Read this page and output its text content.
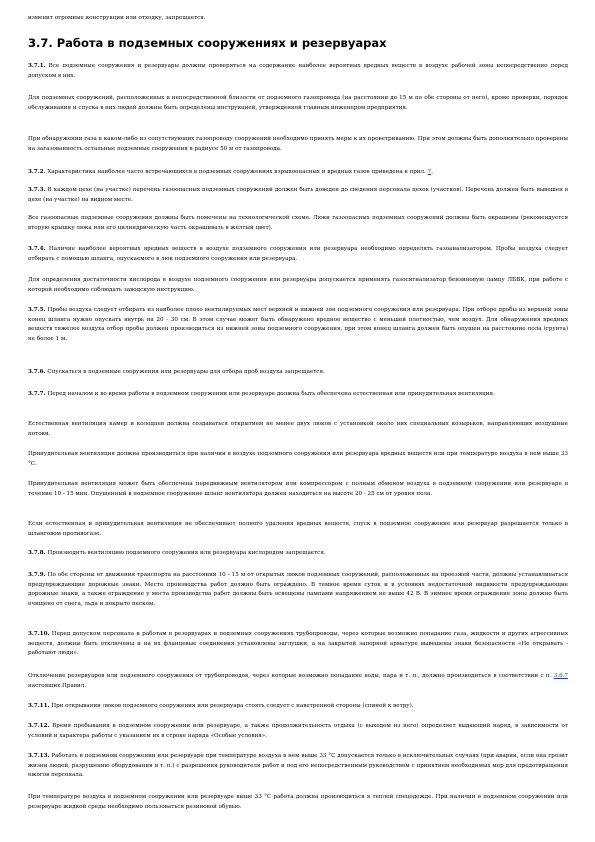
изменит огромные конструкции или отходку, запрещается.

3.7. Работа в подземных сооружениях и резервуарах

3.7.1. Все подземные сооружения и резервуары должны проверяться на содержание наиболее вероятных вредных веществ в воздухе рабочей зоны непосредственно перед допуском в них.

Для подземных сооружений, расположенных в непосредственной близости от подземного газопровода (на расстоянии до 15 м по обе стороны от него), кроме проверки, порядок обслуживания и спуска в них людей должны быть определены инструкцией, утвержденной главным инженером предприятия.

При обнаружении газа в каком-либо из сопутствующих газопроводу сооружений необходимо принять меры к их проветриванию. При этом должны быть дополнительно проверены на загазованность остальные подземные сооружения в радиусе 50 м от газопровода.

3.7.2. Характеристика наиболее часто встречающихся в подземных сооружениях взрывоопасных и вредных газов приведена в прил. 7.

3.7.3. В каждом цехе (на участке) перечень газоопасных подземных сооружений должен быть доведен до сведения персонала цехов (участков). Перечень должен быть вывешен в цехе (на участке) на видном месте.

Все газоопасные подземные сооружения должны быть помечены на технологической схеме. Люки газоопасных подземных сооружений должны быть окрашены (рекомендуется вторую крышку люка или его цилиндрическую часть окрашивать в желтый цвет).

3.7.4. Наличие наиболее вероятных вредных веществ в воздухе подземного сооружения или резервуара необходимо определять газоанализатором. Пробы воздуха следует отбирать с помощью шланга, опускаемого в люк подземного сооружения или резервуара.

Для определения достаточности кислорода в воздухе подземного сооружения или резервуара допускается применять газосигнализатор бензиновую лампу ЛБВК, при работе с которой необходимо соблюдать заводскую инструкцию.

3.7.5. Пробы воздуха следует отбирать из наиболее плохо вентилируемых мест верхней и нижней зон подземного сооружения или резервуара. При отборе пробы из верхней зоны конец шланга нужно опускать внутрь на 20 - 30 см. В этом случае может быть обнаружено вредное вещество с меньшей плотностью, чем воздух. Для обнаружения вредных веществ тяжелее воздуха отбор пробы должен производиться из нижней зоны подземного сооружения, при этом конец шланга должен быть опущен на расстояние пола (грунта) не более 1 м.

3.7.6. Спускаться в подземные сооружения или резервуары для отбора проб воздуха запрещается.

3.7.7. Перед началом и во время работы в подземном сооружении или резервуаре должна быть обеспечена естественная или принудительная вентиляция.

Естественная вентиляция камер и колодцев должна создаваться открытием не менее двух люков с установкой около них специальных козырьков, направляющих воздушные потоки.

Принудительная вентиляция должна производиться при наличии в воздухе подземного сооружения или резервуара вредных веществ или при температуре воздуха в нем выше 33 °С.

Принудительная вентиляция может быть обеспечена передвижным вентилятором или компрессором с полным обменом воздуха в подземном сооружении или резервуаре в течение 10 - 15 мин. Опущенный в подземное сооружение шланг вентилятора должен находиться на высоте 20 - 25 см от уровня пола.

Если естественная и принудительная вентиляция не обеспечивает полного удаления вредных веществ, спуск в подземное сооружение или резервуар разрешается только в шланговом противогазе.

3.7.8. Производить вентиляцию подземного сооружения или резервуара кислородом запрещается.

3.7.9. По обе стороны от движения транспорта на расстоянии 10 - 15 м от открытых люков подземных сооружений, расположенных на проезжей части, должны устанавливаться предупреждающие дорожные знаки. Место производства работ должно быть ограждено. В темное время суток и в условиях недостаточной видимости предупреждающие дорожные знаки, а также ограждение у места производства работ должны быть освещены лампами напряжением не выше 42 В. В зимнее время ограждение зоны должно быть очищено от снега, льда и покрыто песком.

3.7.10. Перед допуском персонала к работам в резервуарах и подземных сооружениях трубопроводы, через которые возможно попадание газа, жидкости и других агрессивных веществ, должны быть отключены и на их фланцевые соединения установлены заглушки, а на закрытой запорной арматуре вывешены знаки безопасности «Не открывать - работают люди».

Отключение резервуаров или подземного сооружения от трубопроводов, через которые возможно попадание воды, пара и т. п., должно производиться в соответствии с п. 3.6.7 настоящих Правил.

3.7.11. При открывании люков подземного сооружения или резервуара стоять следует с наветренной стороны (спиной к ветру).

3.7.12. Время пребывания в подземном сооружении или резервуаре, а также продолжительность отдыха (с выходом из него) определяет выдающий наряд, в зависимости от условий и характера работы с указанием их в строке наряда «Особые условия».

3.7.13. Работать в подземном сооружении или резервуаре при температуре воздуха в нем выше 33 °С допускается только в исключительных случаях (при аварии, если она грозит жизни людей, разрушению оборудования и т. п.) с разрешения руководителя работ и под его непосредственным руководством с принятием необходимых мер для предотвращения ожогов персонала.

При температуре воздуха в подземном сооружении или резервуаре выше 33 °С работа должна производиться в теплой спецодежде. При наличии в подземном сооружении или резервуаре жидкой среды необходимо пользоваться резиновой обувью.
